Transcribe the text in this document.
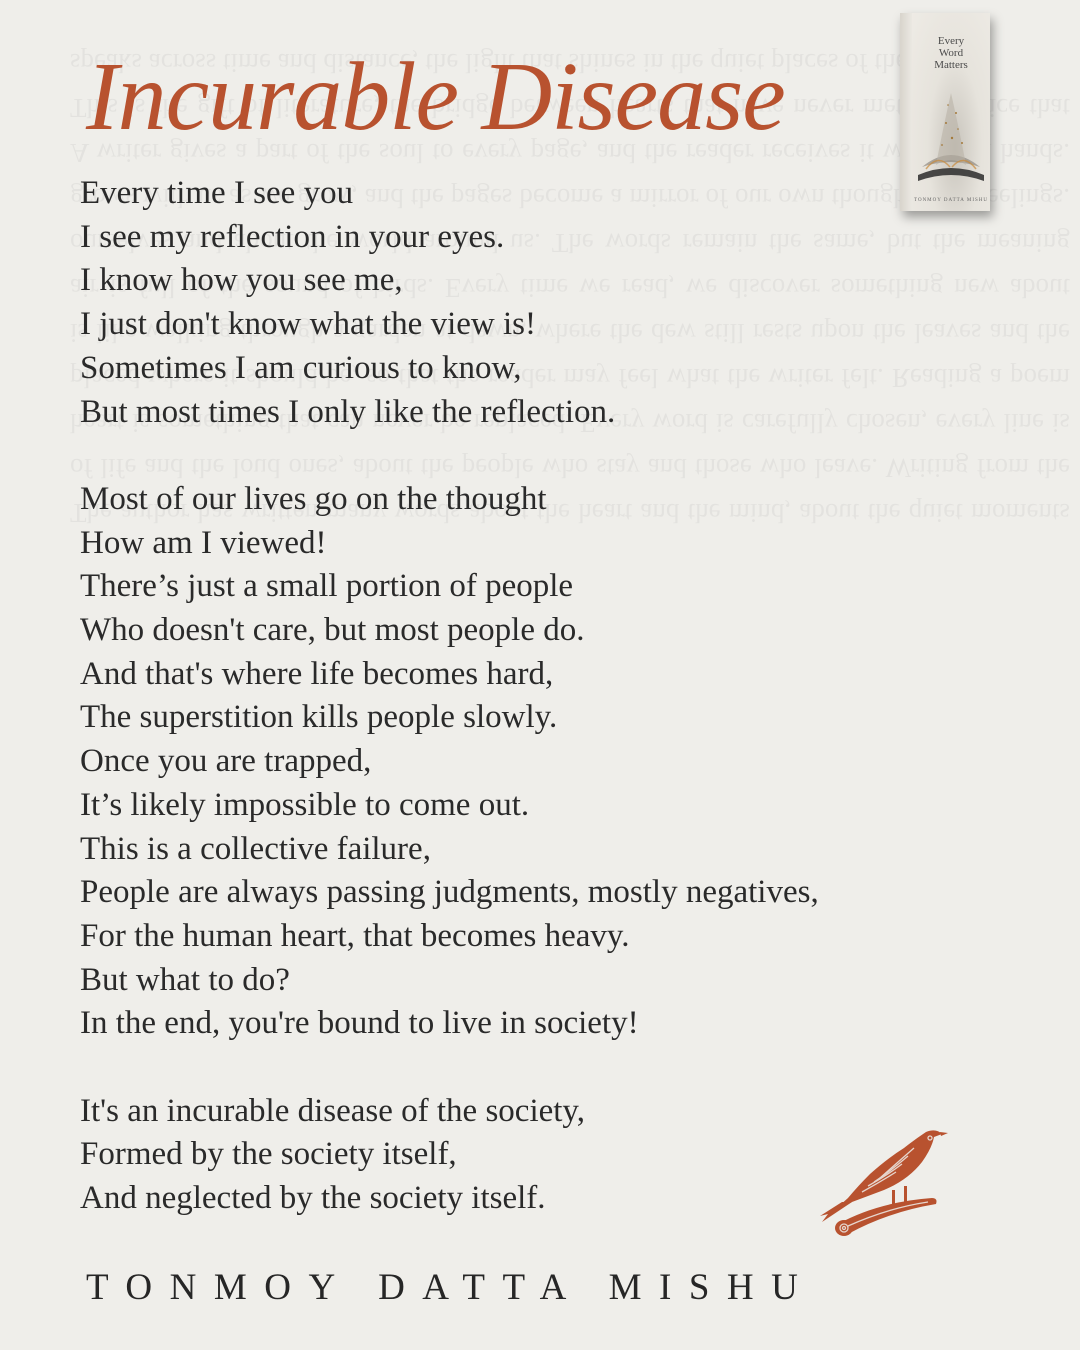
Incurable Disease
Every
Word
Matters
TONMOY DATTA MISHU

Every time I see you
I see my reflection in your eyes.
I know how you see me,
I just don't know what the view is!
Sometimes I am curious to know,
But most times I only like the reflection.

Most of our lives go on the thought
How am I viewed!
There’s just a small portion of people
Who doesn't care, but most people do.
And that's where life becomes hard,
The superstition kills people slowly.
Once you are trapped,
It’s likely impossible to come out.
This is a collective failure,
People are always passing judgments, mostly negatives,
For the human heart, that becomes heavy.
But what to do?
In the end, you're bound to live in society!

It's an incurable disease of the society,
Formed by the society itself,
And neglected by the society itself.

TONMOY DATTA MISHU
